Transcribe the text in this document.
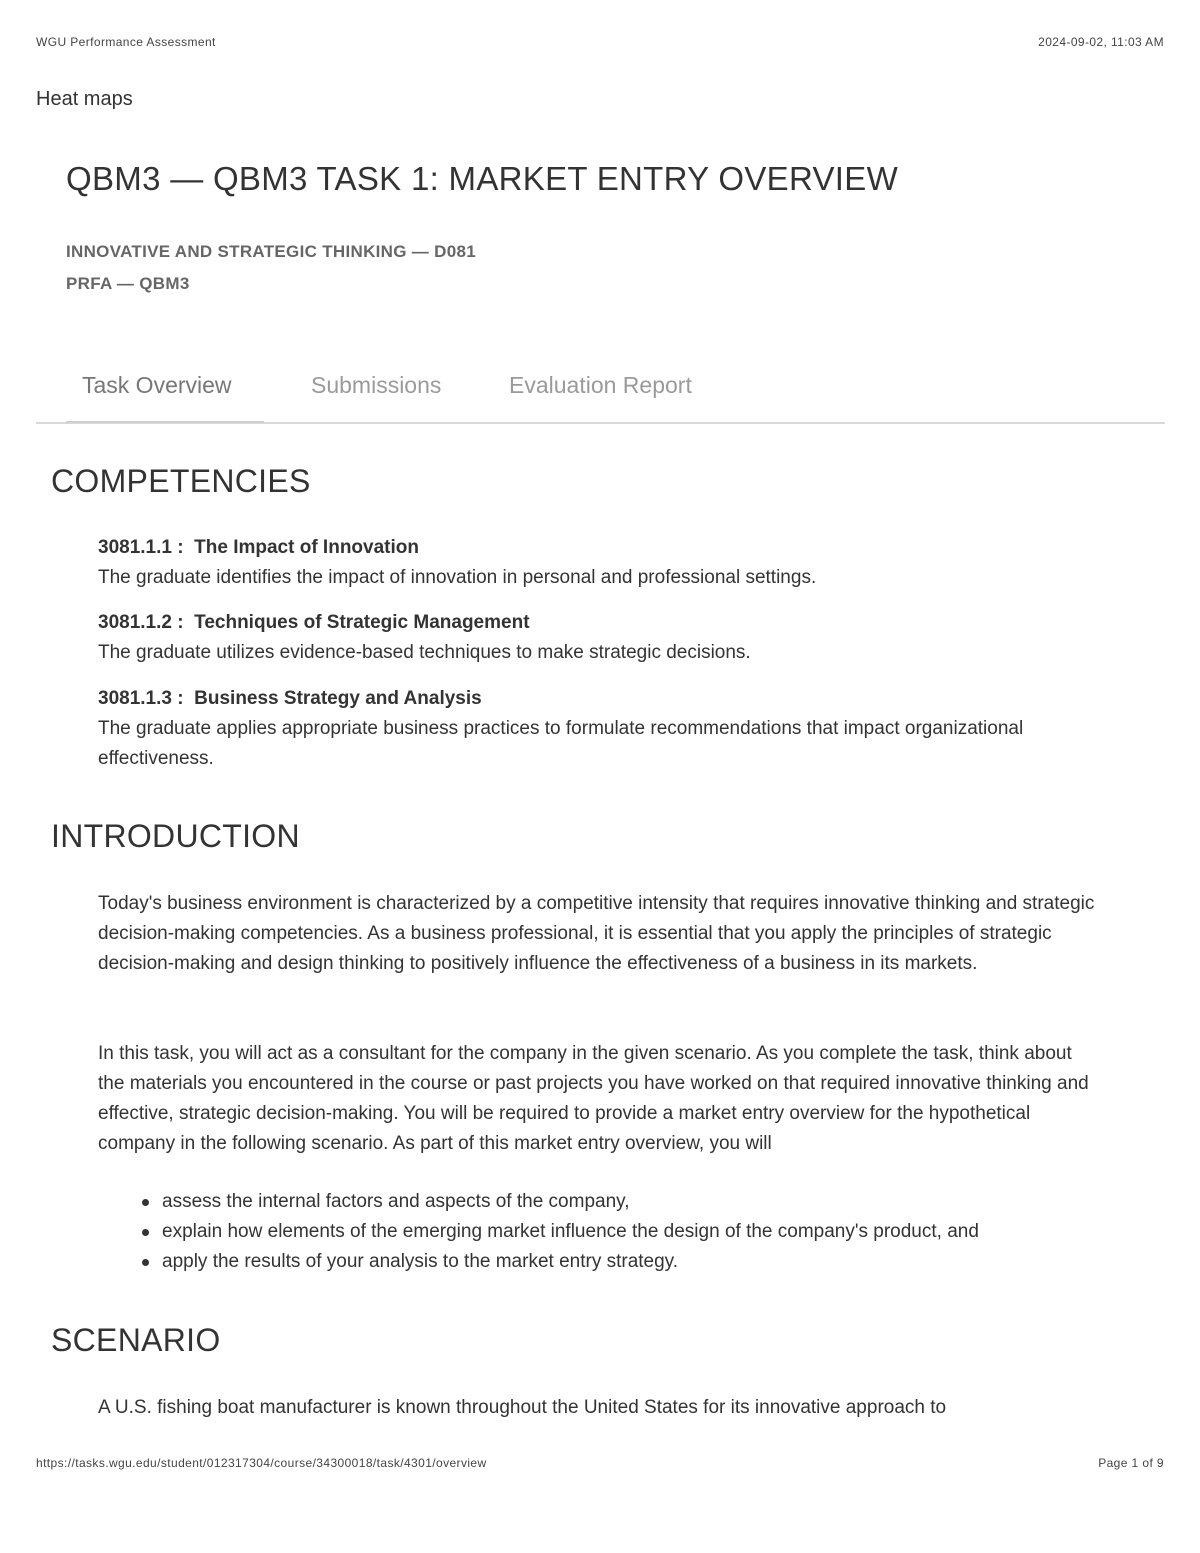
WGU Performance Assessment	2024-09-02, 11:03 AM
Heat maps
QBM3 — QBM3 TASK 1: MARKET ENTRY OVERVIEW
INNOVATIVE AND STRATEGIC THINKING — D081
PRFA — QBM3
Task Overview	Submissions	Evaluation Report
COMPETENCIES
3081.1.1 : The Impact of Innovation
The graduate identifies the impact of innovation in personal and professional settings.
3081.1.2 : Techniques of Strategic Management
The graduate utilizes evidence-based techniques to make strategic decisions.
3081.1.3 : Business Strategy and Analysis
The graduate applies appropriate business practices to formulate recommendations that impact organizational effectiveness.
INTRODUCTION

Today's business environment is characterized by a competitive intensity that requires innovative thinking and strategic decision-making competencies. As a business professional, it is essential that you apply the principles of strategic decision-making and design thinking to positively influence the effectiveness of a business in its markets.

In this task, you will act as a consultant for the company in the given scenario. As you complete the task, think about the materials you encountered in the course or past projects you have worked on that required innovative thinking and effective, strategic decision-making. You will be required to provide a market entry overview for the hypothetical company in the following scenario. As part of this market entry overview, you will

assess the internal factors and aspects of the company,
explain how elements of the emerging market influence the design of the company's product, and
apply the results of your analysis to the market entry strategy.
SCENARIO

A U.S. fishing boat manufacturer is known throughout the United States for its innovative approach to

https://tasks.wgu.edu/student/012317304/course/34300018/task/4301/overview	Page 1 of 9
